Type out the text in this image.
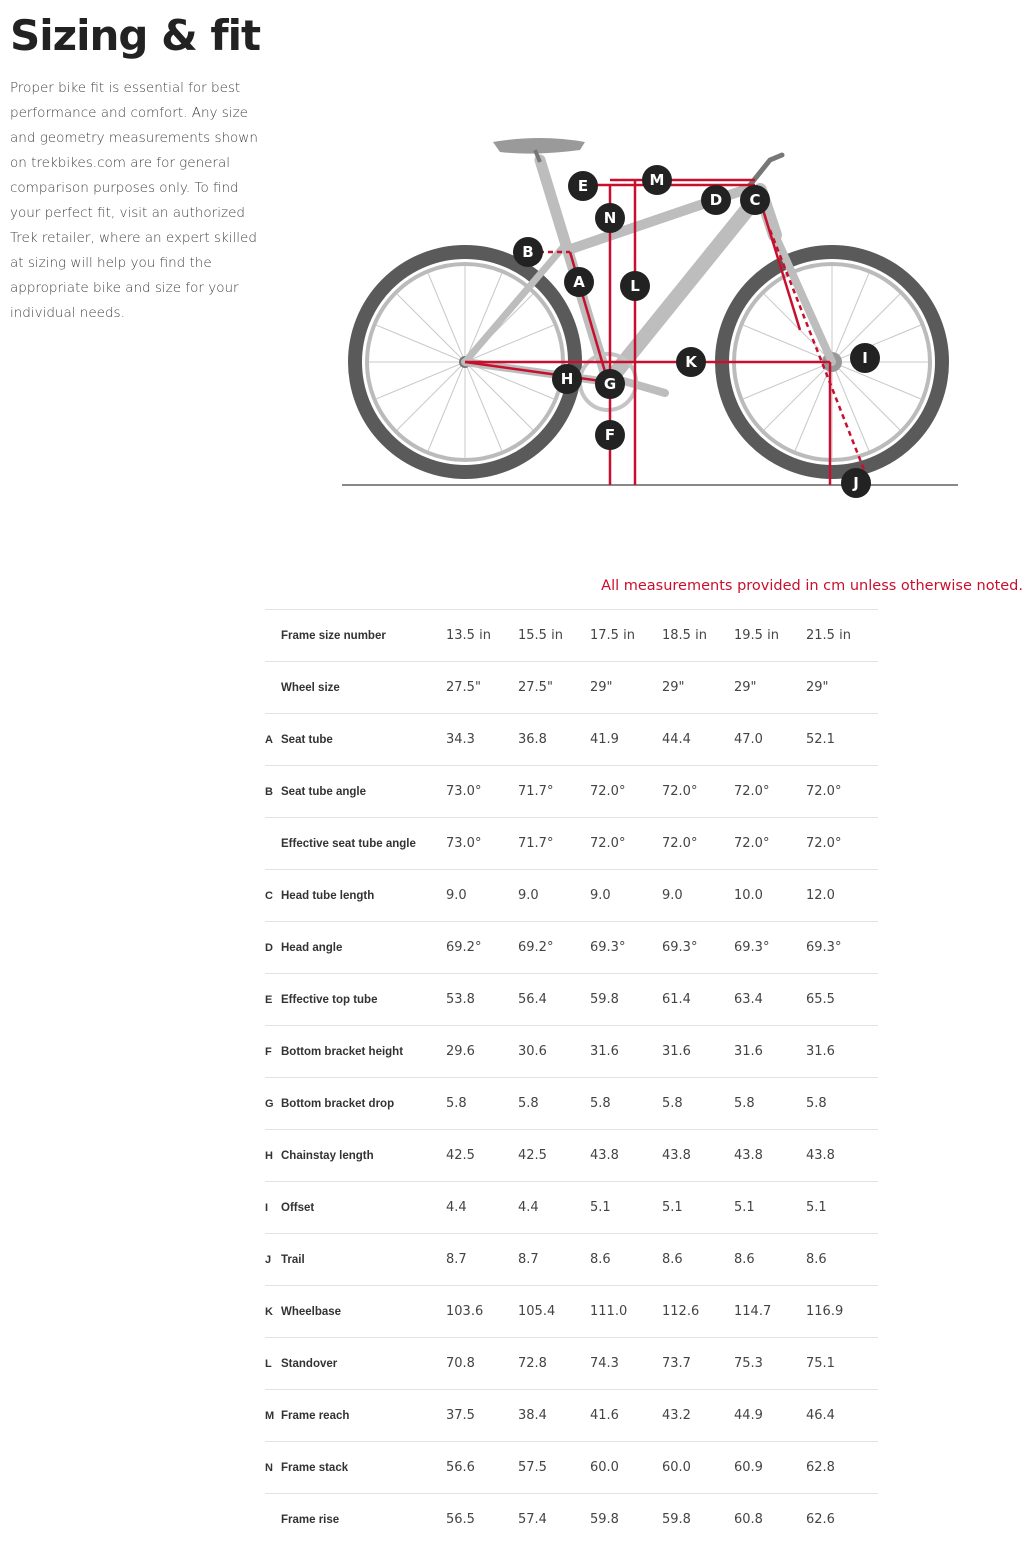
Sizing & fit

Proper bike fit is essential for best performance and comfort. Any size and geometry measurements shown on trekbikes.com are for general comparison purposes only. To find your perfect fit, visit an authorized Trek retailer, where an expert skilled at sizing will help you find the appropriate bike and size for your individual needs.

A
B
C
D
E
F
G
H
I
J
K
L
M
N
All measurements provided in cm unless otherwise noted.
	Frame size number	13.5 in	15.5 in	17.5 in	18.5 in	19.5 in	21.5 in
	Wheel size	27.5"	27.5"	29"	29"	29"	29"
A	Seat tube	34.3	36.8	41.9	44.4	47.0	52.1
B	Seat tube angle	73.0°	71.7°	72.0°	72.0°	72.0°	72.0°
	Effective seat tube angle	73.0°	71.7°	72.0°	72.0°	72.0°	72.0°
C	Head tube length	9.0	9.0	9.0	9.0	10.0	12.0
D	Head angle	69.2°	69.2°	69.3°	69.3°	69.3°	69.3°
E	Effective top tube	53.8	56.4	59.8	61.4	63.4	65.5
F	Bottom bracket height	29.6	30.6	31.6	31.6	31.6	31.6
G	Bottom bracket drop	5.8	5.8	5.8	5.8	5.8	5.8
H	Chainstay length	42.5	42.5	43.8	43.8	43.8	43.8
I	Offset	4.4	4.4	5.1	5.1	5.1	5.1
J	Trail	8.7	8.7	8.6	8.6	8.6	8.6
K	Wheelbase	103.6	105.4	111.0	112.6	114.7	116.9
L	Standover	70.8	72.8	74.3	73.7	75.3	75.1
M	Frame reach	37.5	38.4	41.6	43.2	44.9	46.4
N	Frame stack	56.6	57.5	60.0	60.0	60.9	62.8
	Frame rise	56.5	57.4	59.8	59.8	60.8	62.6
